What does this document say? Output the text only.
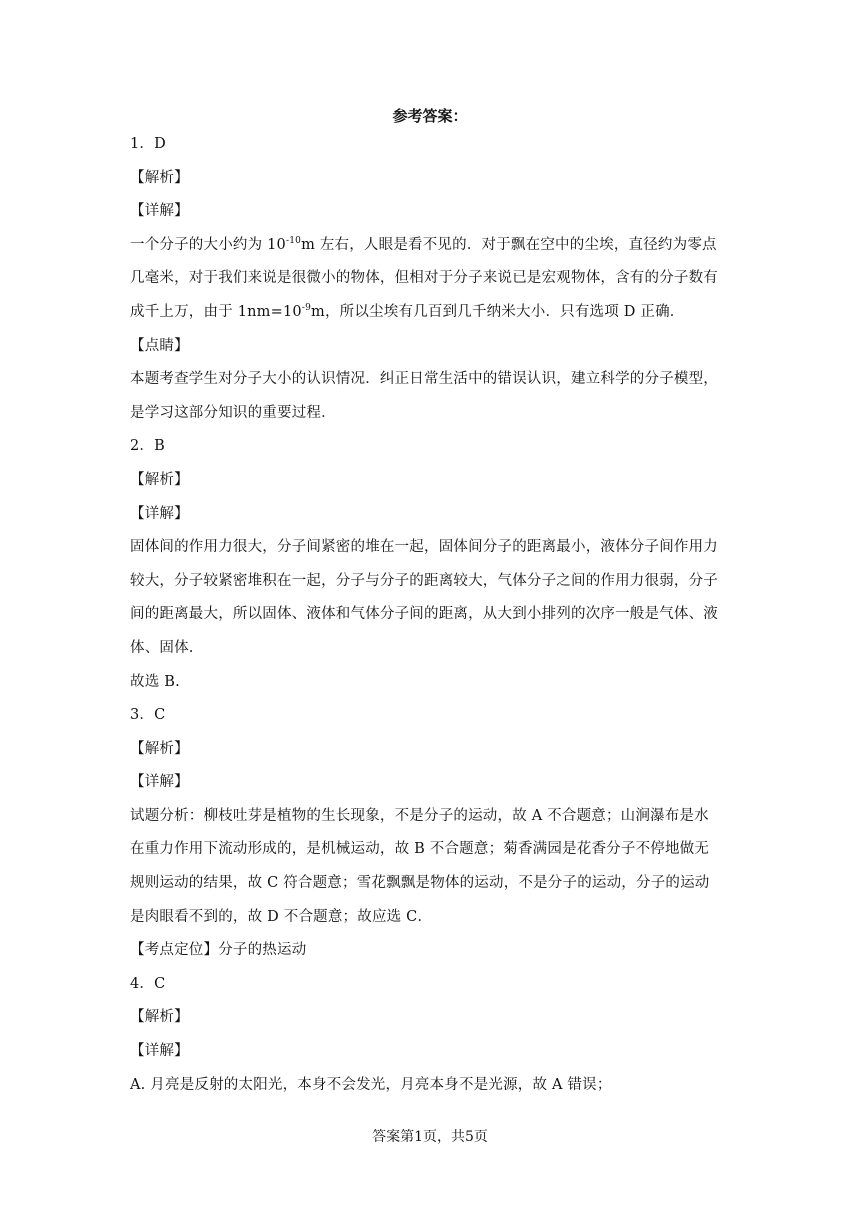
参考答案：
1．D
【解析】
【详解】
一个分子的大小约为 $10^{-10}m$ 左右，人眼是看不见的．对于飘在空中的尘埃，直径约为零点
几毫米，对于我们来说是很微小的物体，但相对于分子来说已是宏观物体，含有的分子数有
成千上万，由于 $1nm=10^{-9}m$，所以尘埃有几百到几千纳米大小．只有选项 D 正确．
【点睛】
本题考查学生对分子大小的认识情况．纠正日常生活中的错误认识，建立科学的分子模型，
是学习这部分知识的重要过程．
2．B
【解析】
【详解】
固体间的作用力很大，分子间紧密的堆在一起，固体间分子的距离最小，液体分子间作用力
较大，分子较紧密堆积在一起，分子与分子的距离较大，气体分子之间的作用力很弱，分子
间的距离最大，所以固体、液体和气体分子间的距离，从大到小排列的次序一般是气体、液
体、固体.
故选 B.
3．C
【解析】
【详解】
试题分析：柳枝吐芽是植物的生长现象，不是分子的运动，故 A 不合题意；山涧瀑布是水
在重力作用下流动形成的，是机械运动，故 B 不合题意；菊香满园是花香分子不停地做无
规则运动的结果，故 C 符合题意；雪花飘飘是物体的运动，不是分子的运动，分子的运动
是肉眼看不到的，故 D 不合题意；故应选 C．
【考点定位】分子的热运动
4．C
【解析】
【详解】
A. 月亮是反射的太阳光，本身不会发光，月亮本身不是光源，故 A 错误；
答案第1页，共5页
